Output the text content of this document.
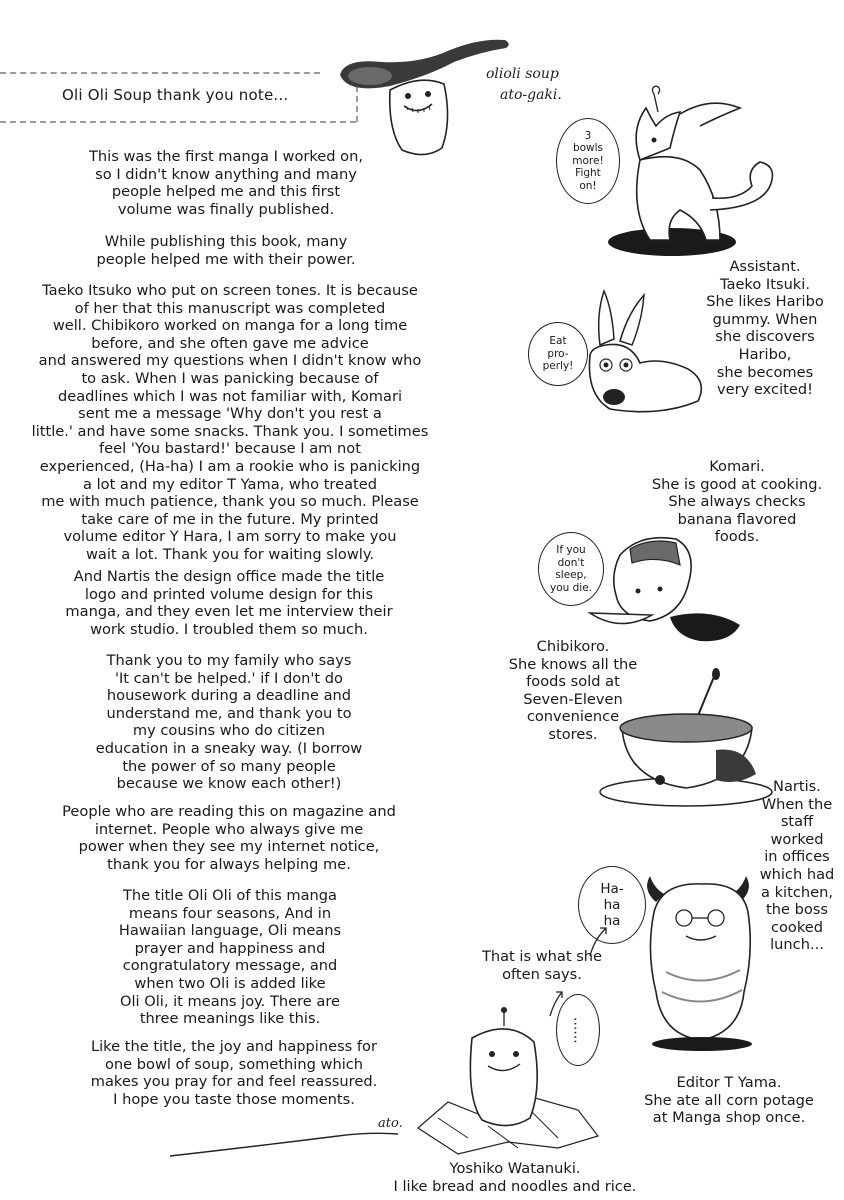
Oli Oli Soup thank you note...
olioli soup
ato-gaki.

This was the first manga I worked on,
so I didn't know anything and many
people helped me and this first
volume was finally published.

While publishing this book, many
people helped me with their power.

Taeko Itsuko who put on screen tones. It is because
of her that this manuscript was completed
well. Chibikoro worked on manga for a long time
before, and she often gave me advice
and answered my questions when I didn't know who
to ask. When I was panicking because of
deadlines which I was not familiar with, Komari
sent me a message 'Why don't you rest a
little.' and have some snacks. Thank you. I sometimes
feel 'You bastard!' because I am not
experienced, (Ha-ha) I am a rookie who is panicking
a lot and my editor T Yama, who treated
me with much patience, thank you so much. Please
take care of me in the future. My printed
volume editor Y Hara, I am sorry to make you
wait a lot. Thank you for waiting slowly.

And Nartis the design office made the title
logo and printed volume design for this
manga, and they even let me interview their
work studio. I troubled them so much.

Thank you to my family who says
'It can't be helped.' if I don't do
housework during a deadline and
understand me, and thank you to
my cousins who do citizen
education in a sneaky way. (I borrow
the power of so many people
because we know each other!)

People who are reading this on magazine and
internet. People who always give me
power when they see my internet notice,
thank you for always helping me.

The title Oli Oli of this manga
means four seasons, And in
Hawaiian language, Oli means
prayer and happiness and
congratulatory message, and
when two Oli is added like
Oli Oli, it means joy. There are
three meanings like this.

Like the title, the joy and happiness for
one bowl of soup, something which
makes you pray for and feel reassured.
I hope you taste those moments.

ato.
3
bowls
more!
Fight
on!

Assistant.
Taeko Itsuki.
She likes Haribo
gummy. When
she discovers
Haribo,
she becomes
very excited!

Eat
pro-
perly!

Komari.
She is good at cooking.
She always checks
banana flavored
foods.

If you
don't
sleep,
you die.

Chibikoro.
She knows all the
foods sold at
Seven-Eleven
convenience
stores.

Nartis.
When the
staff
worked
in offices
which had
a kitchen,
the boss
cooked
lunch...

Ha-
ha
ha

That is what she
often says.

Editor T Yama.
She ate all corn potage
at Manga shop once.

......

Yoshiko Watanuki.
I like bread and noodles and rice.
